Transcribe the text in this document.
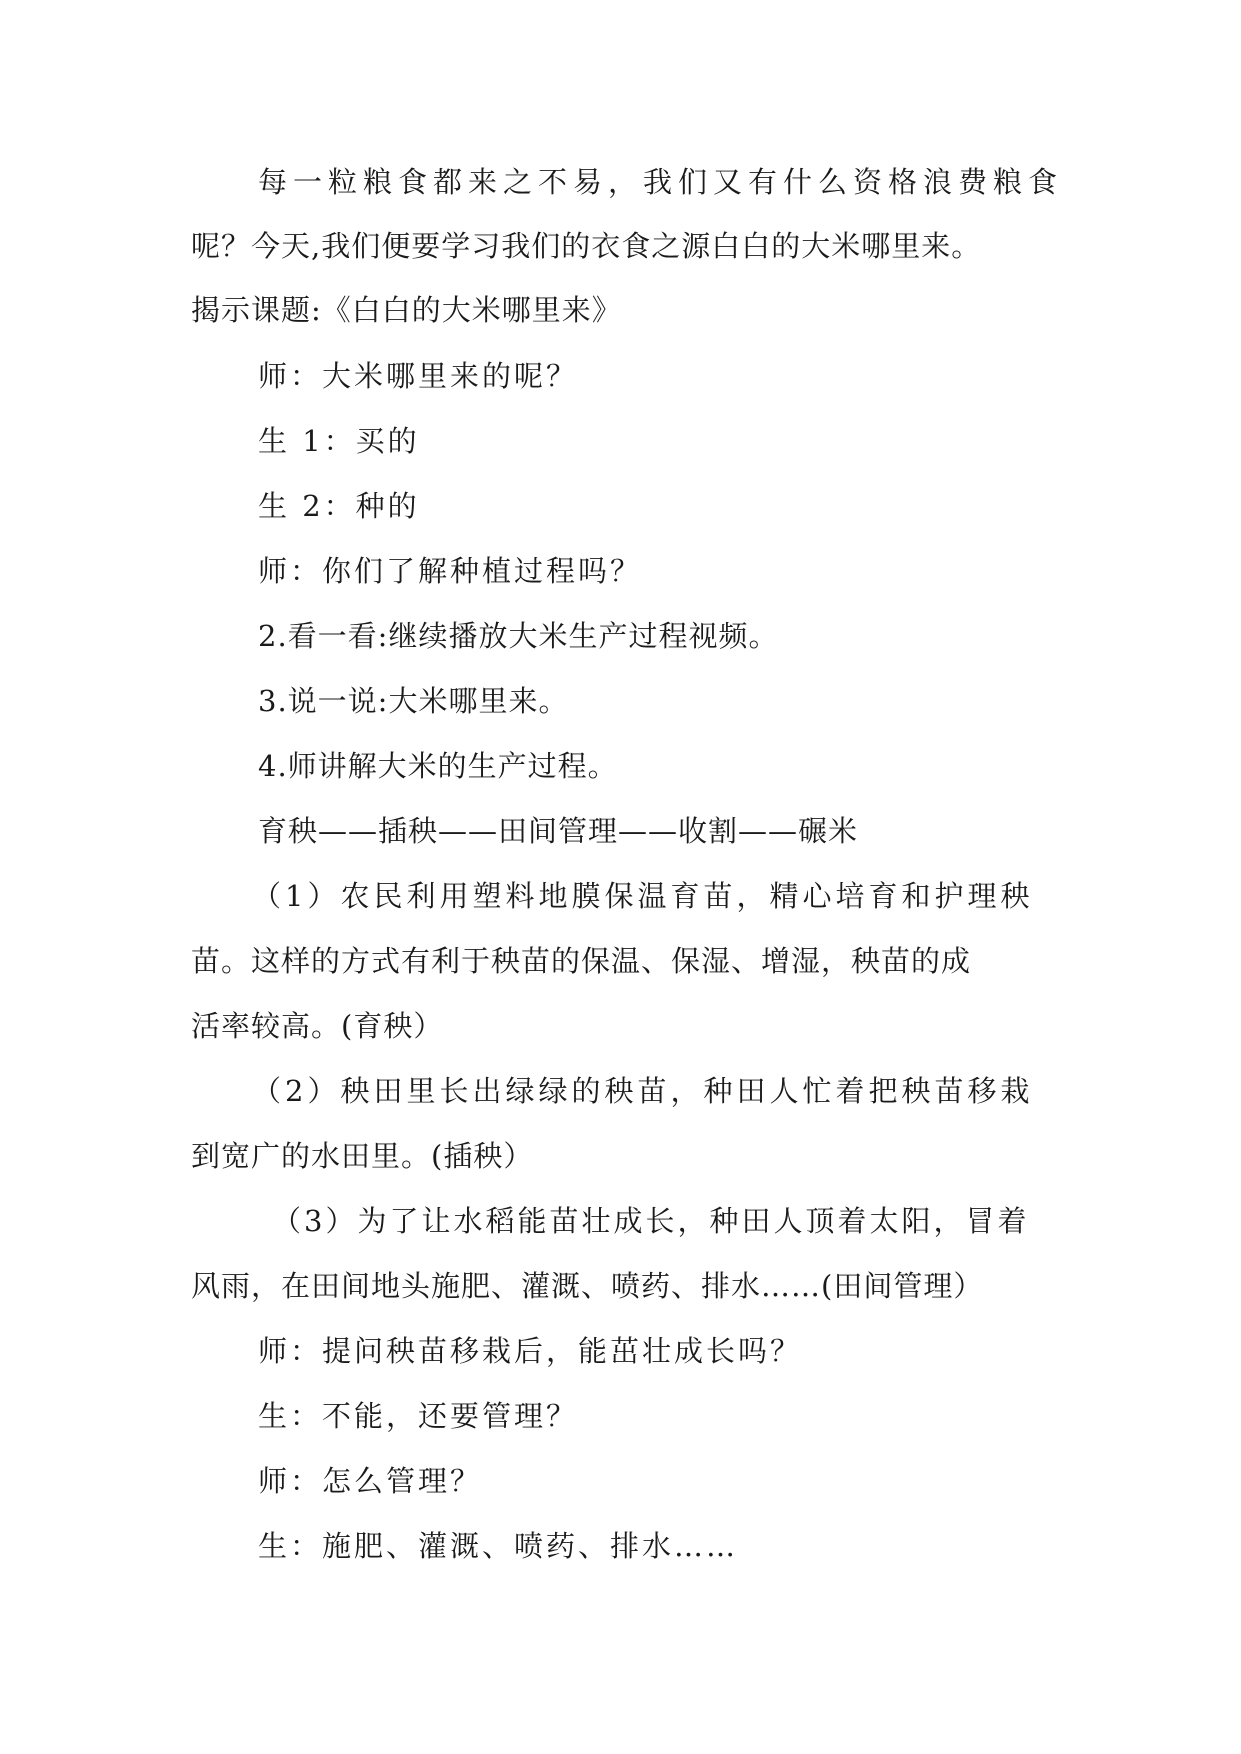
每一粒粮食都来之不易，我们又有什么资格浪费粮食
呢？今天,我们便要学习我们的衣食之源白白的大米哪里来。
揭示课题:《白白的大米哪里来》
师：大米哪里来的呢？
生 1：买的
生 2：种的
师：你们了解种植过程吗？
2.看一看:继续播放大米生产过程视频。
3.说一说:大米哪里来。
4.师讲解大米的生产过程。
育秧——插秧——田间管理——收割——碾米
（1）农民利用塑料地膜保温育苗，精心培育和护理秧
苗。这样的方式有利于秧苗的保温、保湿、增湿，秧苗的成
活率较高。(育秧）
（2）秧田里长出绿绿的秧苗，种田人忙着把秧苗移栽
到宽广的水田里。(插秧）
（3）为了让水稻能苗壮成长，种田人顶着太阳，冒着
风雨，在田间地头施肥、灌溉、喷药、排水……(田间管理）
师：提问秧苗移栽后，能茁壮成长吗？
生：不能，还要管理？
师：怎么管理？
生：施肥、灌溉、喷药、排水……
